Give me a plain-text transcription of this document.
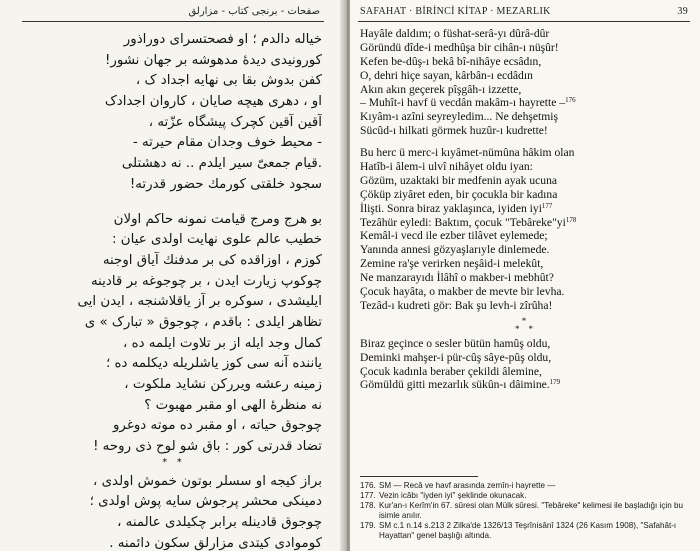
صفحات - برنجی کتاب - مزارلق
خیاله دالدم ؛ او فصحتسرای دوراذور
کورونیدی دیدهٔ مدهوشه بر جهان نشور!
کفن بدوش بقا بی نهایه اجداد ک ،
او ، دهری هیچه صایان ، کاروان اجدادک
آقین آقین کچرک پیشگاه عزّته ،
- محیط خوف وجدان مقام حیرته -
.قیام جمعیّ سیر ایلدم .. نه دهشتلی
سجود خلقتی کورمك حضور قدرته!
بو هرج ومرج قیامت نمونه حاکم اولان
خطیب عالم علوی نهایت اولدی عیان :
کوزم ، اوزاقده کی بر مدفنك آیاق اوجنه
چوکوپ زیارت ایدن ، بر چوجوغه بر قادینه
ایلیشدی ، سوکره بر آز یاقلاشنجه ، ایدن ایی
تظاهر ایلدی : باقدم ، چوجوق « تبارک » ی
کمال وجد ایله از بر تلاوت ایلمه ده ،
یاننده آنه سی کوز یاشلریله دیکلمه ده ؛
زمینه رعشه ویررکن نشاید ملکوت ،
نه منظرهٔ الهی او مقبر مهبوت ؟
چوجوق حیاته ، او مقبر ده موته دوغرو
تضاد قدرتی کور : باق شو لوح ذی روحه !
*   *
براز کیجه او سسلر بوتون خموش اولدی ،
دمینکی محشر پرجوش سایه پوش اولدی ؛
چوجوق قادینله برابر چکیلدی عالمنه ،
کوموادی کیتدی مزارلق سکون دائمنه .
SAFAHAT · BİRİNCİ KİTAP · MEZARLIK	39
Hayâle daldım; o füshat-serâ-yı dûrâ-dûr
Göründü dîde-i medhûşa bir cihân-ı nüşûr!
Kefen be-dûş-ı bekâ bî-nihâye ecsâdın,
O, dehri hiçe sayan, kârbân-ı ecdâdın
Akın akın geçerek pîşgâh-ı izzette,
– Muhît-i havf ü vecdân makâm-ı hayrette –$^{176}$
Kıyâm-ı azîni seyreyledim... Ne dehşetmiş
Sücûd-ı hilkati görmek huzûr-ı kudrette!
Bu herc ü merc-i kıyâmet-nümûna hâkim olan
Hatîb-i âlem-i ulvî nihâyet oldu iyan:
Gözüm, uzaktaki bir medfenin ayak ucuna
Çöküp ziyâret eden, bir çocukla bir kadına
İlişti. Sonra biraz yaklaşınca, iyiden iyi$^{177}$
Tezâhür eyledi: Baktım, çocuk "$Tebâreke"yi^{178}$
Kemâl-i vecd ile ezber tilâvet eylemede;
Yanında annesi gözyaşlarıyle dinlemede.
Zemine ra'şe verirken neşâid-i melekût,
Ne manzarayıdı İlâhî o makber-i mebhût?
Çocuk hayâta, o makber de mevte bir levha.
Tezâd-ı kudreti gör: Bak şu levh-i zîrûha!
*
*    *
Biraz geçince o sesler bütün hamûş oldu,
Deminki mahşer-i pür-cûş sâye-pûş oldu,
Çocuk kadınla beraber çekildi âlemine,
Gömüldü gitti mezarlık sükûn-ı dâimine.$^{179}$
176. SM — Recâ ve havf arasında zemîn-i hayrette —
177. Vezin icâbı "iyden iyi" şeklinde okunacak.
178. Kur'an-ı Kerîm'in 67. sûresi olan Mülk sûresi. "Tebâreke" kelimesi ile başladığı için bu isimle anılır.
179. SM c.1 n.14 s.213 2 Zilka'de 1326/13 Teşrînisânî 1324 (26 Kasım 1908), "Safahât-ı Hayattan" genel başlığı altında.
